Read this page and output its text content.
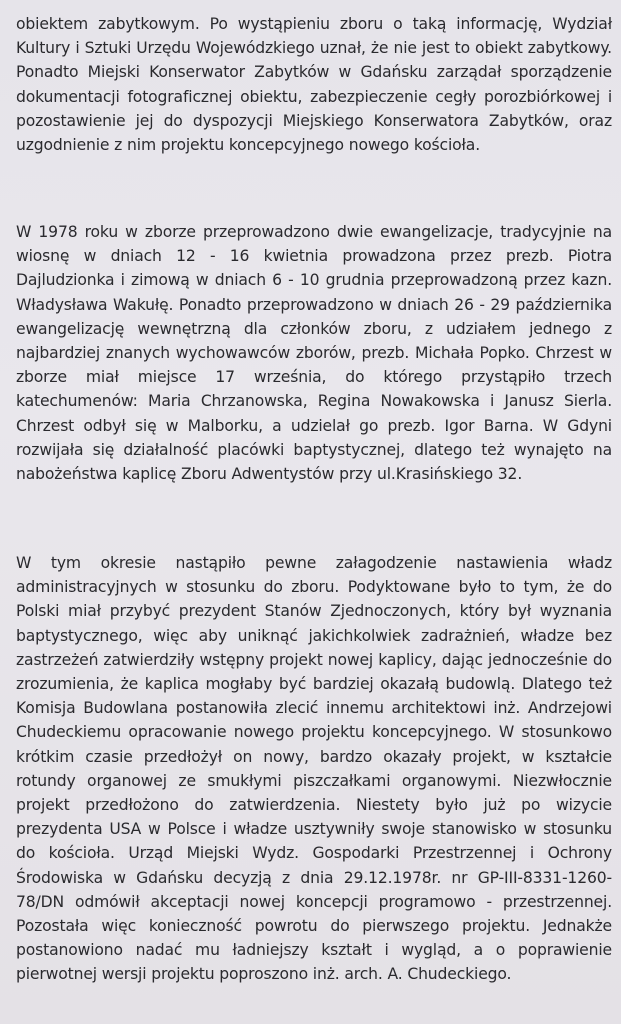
obiektem zabytkowym. Po wystąpieniu zboru o taką informację, Wydział Kultury i Sztuki Urzędu Wojewódzkiego uznał, że nie jest to obiekt zabytkowy. Ponadto Miejski Konserwator Zabytków w Gdańsku zarządał sporządzenie dokumentacji fotograficznej obiektu, zabezpieczenie cegły porozbiórkowej i pozostawienie jej do dyspozycji Miejskiego Konserwatora Zabytków, oraz uzgodnienie z nim projektu koncepcyjnego nowego kościoła.

W 1978 roku w zborze przeprowadzono dwie ewangelizacje, tradycyjnie na wiosnę w dniach 12 - 16 kwietnia prowadzona przez prezb. Piotra Dajludzionka i zimową w dniach 6 - 10 grudnia przeprowadzoną przez kazn. Władysława Wakułę. Ponadto przeprowadzono w dniach 26 - 29 października ewangelizację wewnętrzną dla członków zboru, z udziałem jednego z najbardziej znanych wychowawców zborów, prezb. Michała Popko. Chrzest w zborze miał miejsce 17 września, do którego przystąpiło trzech katechumenów: Maria Chrzanowska, Regina Nowakowska i Janusz Sierla. Chrzest odbył się w Malborku, a udzielał go prezb. Igor Barna. W Gdyni rozwijała się działalność placówki baptystycznej, dlatego też wynajęto na nabożeństwa kaplicę Zboru Adwentystów przy ul.Krasińskiego 32.

W tym okresie nastąpiło pewne załagodzenie nastawienia władz administracyjnych w stosunku do zboru. Podyktowane było to tym, że do Polski miał przybyć prezydent Stanów Zjednoczonych, który był wyznania baptystycznego, więc aby uniknąć jakichkolwiek zadrażnień, władze bez zastrzeżeń zatwierdziły wstępny projekt nowej kaplicy, dając jednocześnie do zrozumienia, że kaplica mogłaby być bardziej okazałą budowlą. Dlatego też Komisja Budowlana postanowiła zlecić innemu architektowi inż. Andrzejowi Chudeckiemu opracowanie nowego projektu koncepcyjnego. W stosunkowo krótkim czasie przedłożył on nowy, bardzo okazały projekt, w kształcie rotundy organowej ze smukłymi piszczałkami organowymi. Niezwłocznie projekt przedłożono do zatwierdzenia. Niestety było już po wizycie prezydenta USA w Polsce i władze usztywniły swoje stanowisko w stosunku do kościoła. Urząd Miejski Wydz. Gospodarki Przestrzennej i Ochrony Środowiska w Gdańsku decyzją z dnia 29.12.1978r. nr GP-III-8331-1260-78/DN odmówił akceptacji nowej koncepcji programowo - przestrzennej. Pozostała więc konieczność powrotu do pierwszego projektu. Jednakże postanowiono nadać mu ładniejszy kształt i wygląd, a o poprawienie pierwotnej wersji projektu poproszono inż. arch. A. Chudeckiego.
